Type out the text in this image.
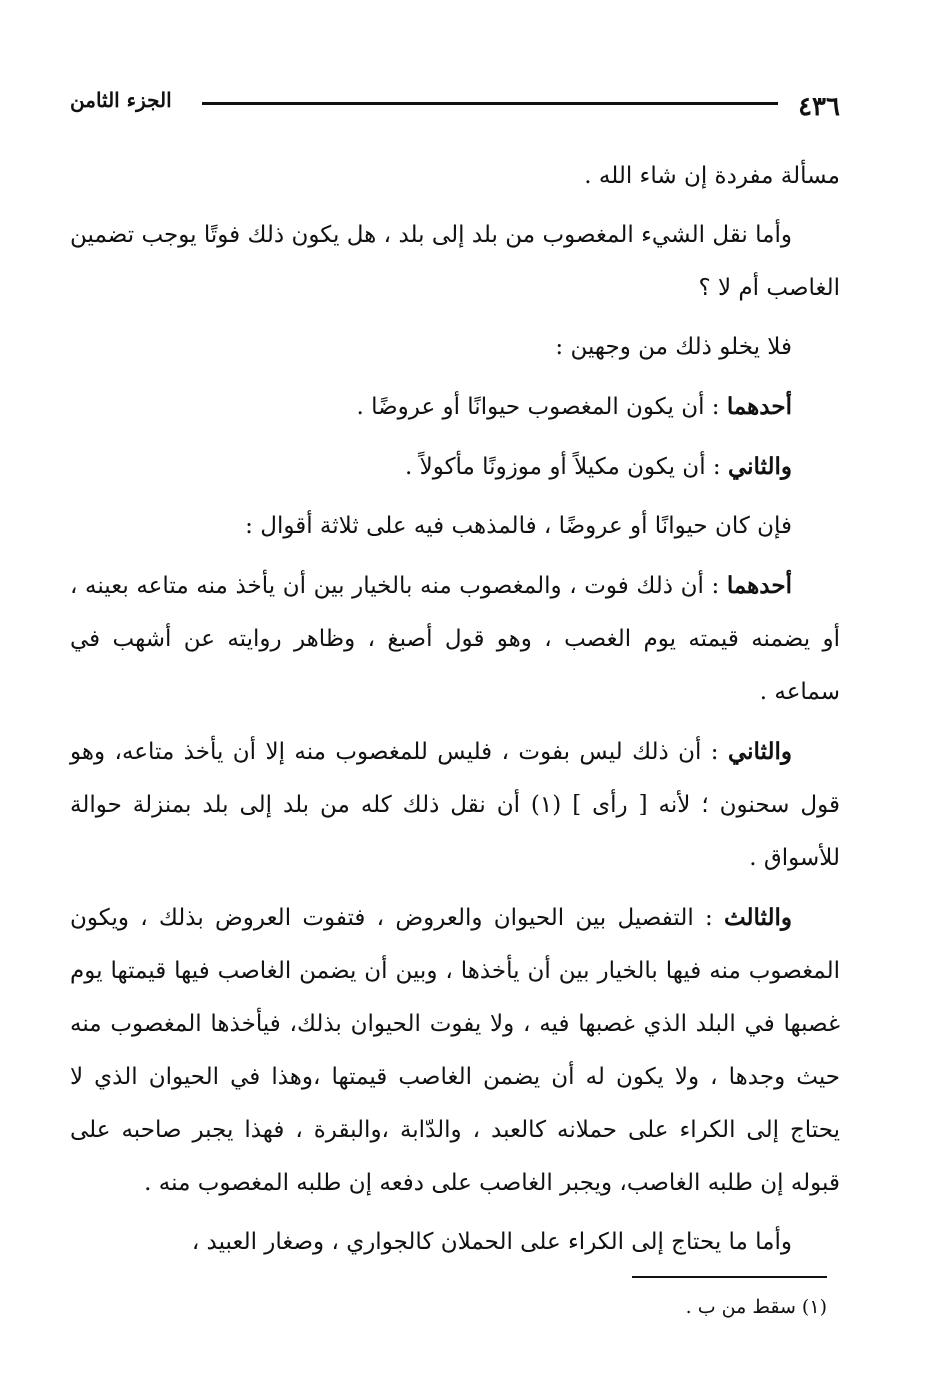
٤٣٦
الجزء الثامن

مسألة مفردة إن شاء الله .

وأما نقل الشيء المغصوب من بلد إلى بلد ، هل يكون ذلك فوتًا يوجب تضمين الغاصب أم لا ؟

فلا يخلو ذلك من وجهين :

أحدهما : أن يكون المغصوب حيوانًا أو عروضًا .

والثاني : أن يكون مكيلاً أو موزونًا مأكولاً .

فإن كان حيوانًا أو عروضًا ، فالمذهب فيه على ثلاثة أقوال :

أحدهما : أن ذلك فوت ، والمغصوب منه بالخيار بين أن يأخذ منه متاعه بعينه ، أو يضمنه قيمته يوم الغصب ، وهو قول أصبغ ، وظاهر روايته عن أشهب في سماعه .

والثاني : أن ذلك ليس بفوت ، فليس للمغصوب منه إلا أن يأخذ متاعه، وهو قول سحنون ؛ لأنه [ رأى ] (١) أن نقل ذلك كله من بلد إلى بلد بمنزلة حوالة للأسواق .

والثالث : التفصيل بين الحيوان والعروض ، فتفوت العروض بذلك ، ويكون المغصوب منه فيها بالخيار بين أن يأخذها ، وبين أن يضمن الغاصب فيها قيمتها يوم غصبها في البلد الذي غصبها فيه ، ولا يفوت الحيوان بذلك، فيأخذها المغصوب منه حيث وجدها ، ولا يكون له أن يضمن الغاصب قيمتها ،وهذا في الحيوان الذي لا يحتاج إلى الكراء على حملانه كالعبد ، والدّابة ،والبقرة ، فهذا يجبر صاحبه على قبوله إن طلبه الغاصب، ويجبر الغاصب على دفعه إن طلبه المغصوب منه .

وأما ما يحتاج إلى الكراء على الحملان كالجواري ، وصغار العبيد ،

(١) سقط من ب .
